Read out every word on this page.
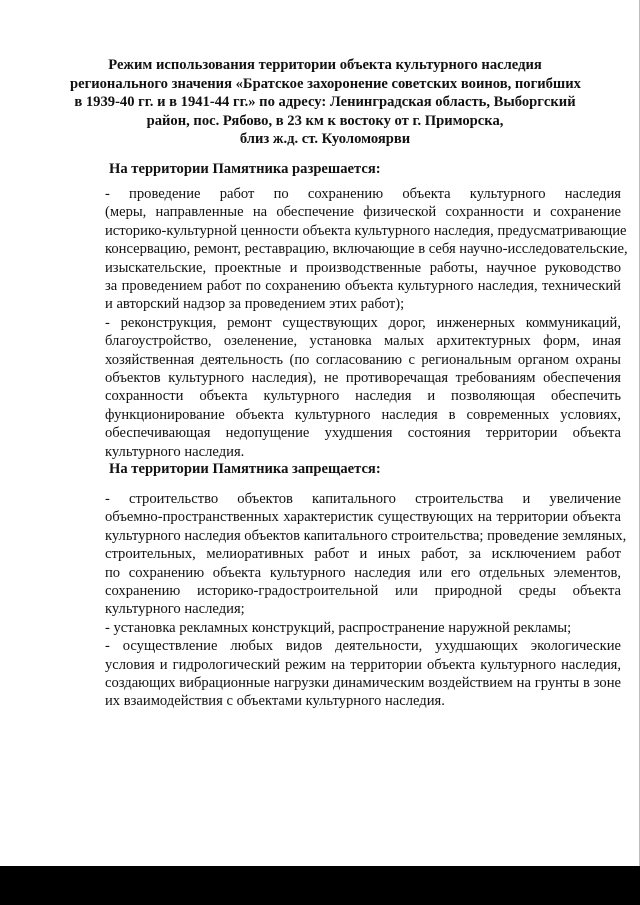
Режим использования территории объекта культурного наследия
регионального значения «Братское захоронение советских воинов, погибших
в 1939-40 гг. и в 1941-44 гг.» по адресу: Ленинградская область, Выборгский
район, пос. Рябово, в 23 км к востоку от г. Приморска,
близ ж.д. ст. Куоломоярви
На территории Памятника разрешается:

- проведение работ по сохранению объекта культурного наследия
(меры, направленные на обеспечение физической сохранности и сохранение
историко-культурной ценности объекта культурного наследия, предусматривающие
консервацию, ремонт, реставрацию, включающие в себя научно-исследовательские,
изыскательские, проектные и производственные работы, научное руководство
за проведением работ по сохранению объекта культурного наследия, технический
и авторский надзор за проведением этих работ);

- реконструкция, ремонт существующих дорог, инженерных коммуникаций,
благоустройство, озеленение, установка малых архитектурных форм, иная
хозяйственная деятельность (по согласованию с региональным органом охраны
объектов культурного наследия), не противоречащая требованиям обеспечения
сохранности объекта культурного наследия и позволяющая обеспечить
функционирование объекта культурного наследия в современных условиях,
обеспечивающая недопущение ухудшения состояния территории объекта
культурного наследия.

На территории Памятника запрещается:

- строительство объектов капитального строительства и увеличение
объемно-пространственных характеристик существующих на территории объекта
культурного наследия объектов капитального строительства; проведение земляных,
строительных, мелиоративных работ и иных работ, за исключением работ
по сохранению объекта культурного наследия или его отдельных элементов,
сохранению историко-градостроительной или природной среды объекта
культурного наследия;

- установка рекламных конструкций, распространение наружной рекламы;

- осуществление любых видов деятельности, ухудшающих экологические
условия и гидрологический режим на территории объекта культурного наследия,
создающих вибрационные нагрузки динамическим воздействием на грунты в зоне
их взаимодействия с объектами культурного наследия.
